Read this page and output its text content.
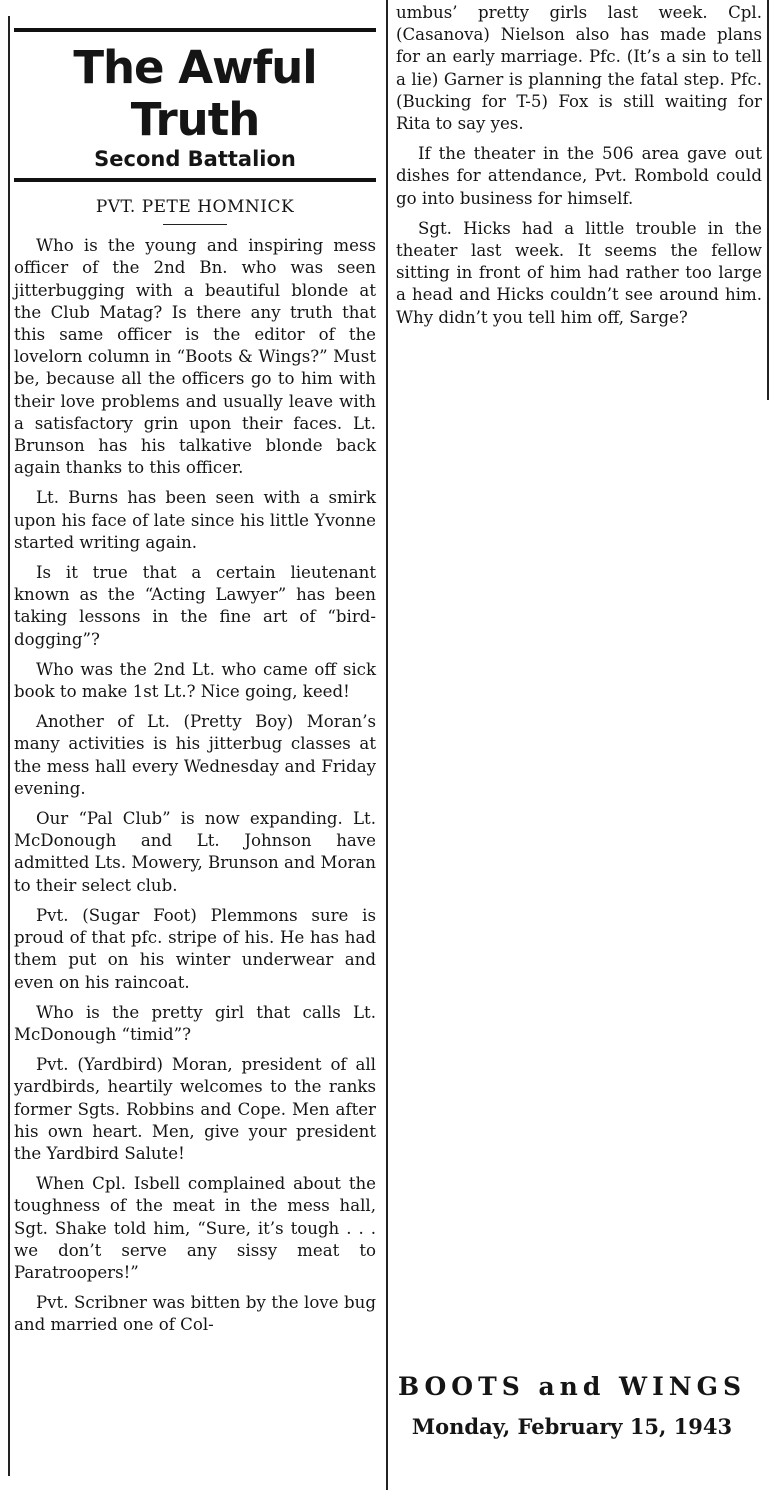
The Awful Truth
Second Battalion
PVT. PETE HOMNICK

Who is the young and inspiring mess officer of the 2nd Bn. who was seen jitterbugging with a beautiful blonde at the Club Matag? Is there any truth that this same officer is the editor of the lovelorn column in “Boots & Wings?” Must be, because all the officers go to him with their love problems and usually leave with a satisfactory grin upon their faces. Lt. Brunson has his talkative blonde back again thanks to this officer.

Lt. Burns has been seen with a smirk upon his face of late since his little Yvonne started writing again.

Is it true that a certain lieutenant known as the “Acting Lawyer” has been taking lessons in the fine art of “bird-dogging”?

Who was the 2nd Lt. who came off sick book to make 1st Lt.? Nice going, keed!

Another of Lt. (Pretty Boy) Moran’s many activities is his jitterbug classes at the mess hall every Wednesday and Friday evening.

Our “Pal Club” is now expanding. Lt. McDonough and Lt. Johnson have admitted Lts. Mowery, Brunson and Moran to their select club.

Pvt. (Sugar Foot) Plemmons sure is proud of that pfc. stripe of his. He has had them put on his winter underwear and even on his raincoat.

Who is the pretty girl that calls Lt. McDonough “timid”?

Pvt. (Yardbird) Moran, president of all yardbirds, heartily welcomes to the ranks former Sgts. Robbins and Cope. Men after his own heart. Men, give your president the Yardbird Salute!

When Cpl. Isbell complained about the toughness of the meat in the mess hall, Sgt. Shake told him, “Sure, it’s tough . . . we don’t serve any sissy meat to Paratroopers!”

Pvt. Scribner was bitten by the love bug and married one of Col-

umbus’ pretty girls last week. Cpl. (Casanova) Nielson also has made plans for an early marriage. Pfc. (It’s a sin to tell a lie) Garner is planning the fatal step. Pfc. (Bucking for T-5) Fox is still waiting for Rita to say yes.

If the theater in the 506 area gave out dishes for attendance, Pvt. Rombold could go into business for himself.

Sgt. Hicks had a little trouble in the theater last week. It seems the fellow sitting in front of him had rather too large a head and Hicks couldn’t see around him. Why didn’t you tell him off, Sarge?

BOOTS and WINGS
Monday, February 15, 1943
